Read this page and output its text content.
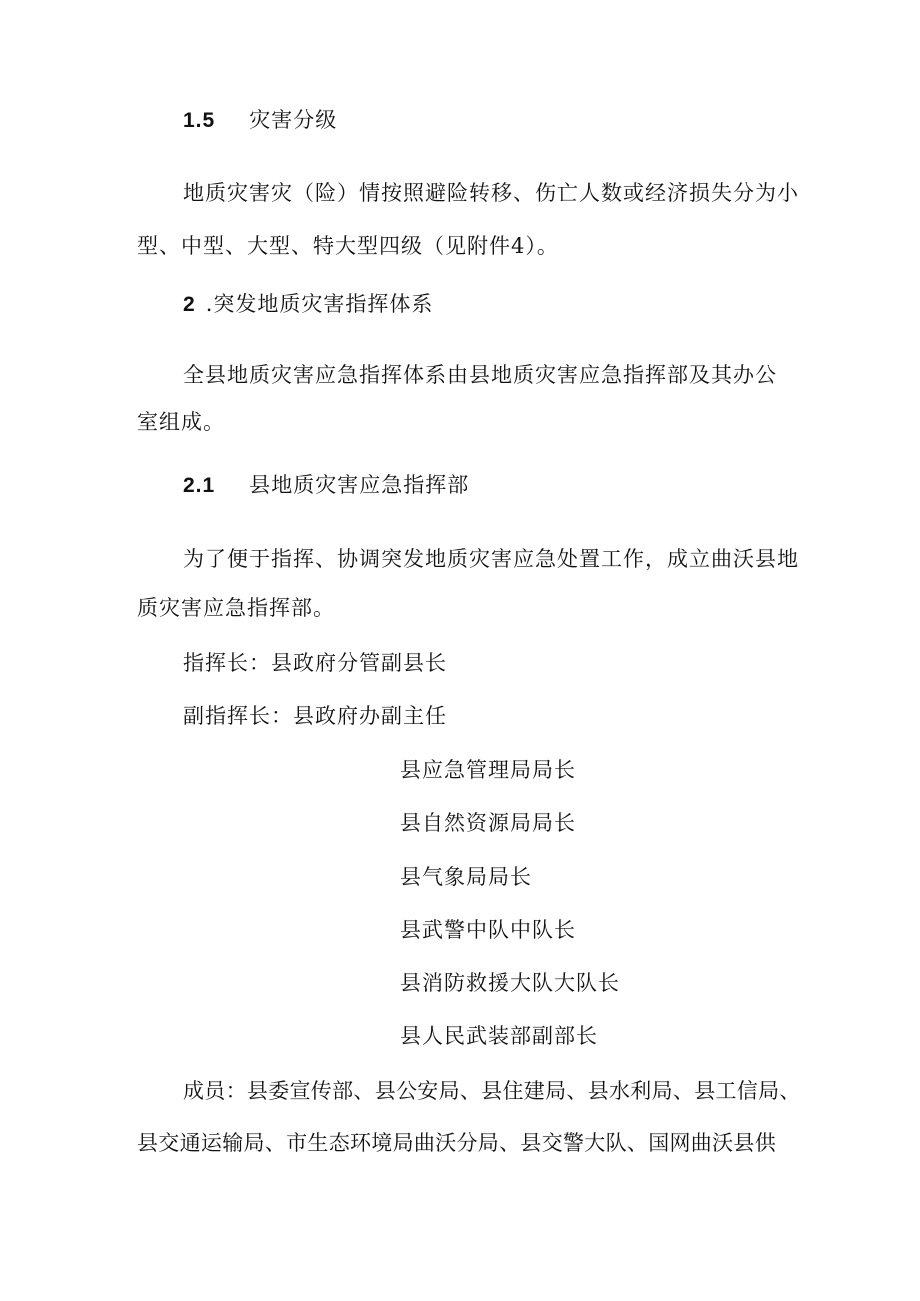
1.5 灾害分级
地质灾害灾（险）情按照避险转移、伤亡人数或经济损失分为小
型、中型、大型、特大型四级（见附件4）。
2 .突发地质灾害指挥体系
全县地质灾害应急指挥体系由县地质灾害应急指挥部及其办公
室组成。
2.1 县地质灾害应急指挥部
为了便于指挥、协调突发地质灾害应急处置工作，成立曲沃县地
质灾害应急指挥部。
指挥长：县政府分管副县长
副指挥长：县政府办副主任
县应急管理局局长
县自然资源局局长
县气象局局长
县武警中队中队长
县消防救援大队大队长
县人民武装部副部长
成员：县委宣传部、县公安局、县住建局、县水利局、县工信局、
县交通运输局、市生态环境局曲沃分局、县交警大队、国网曲沃县供
